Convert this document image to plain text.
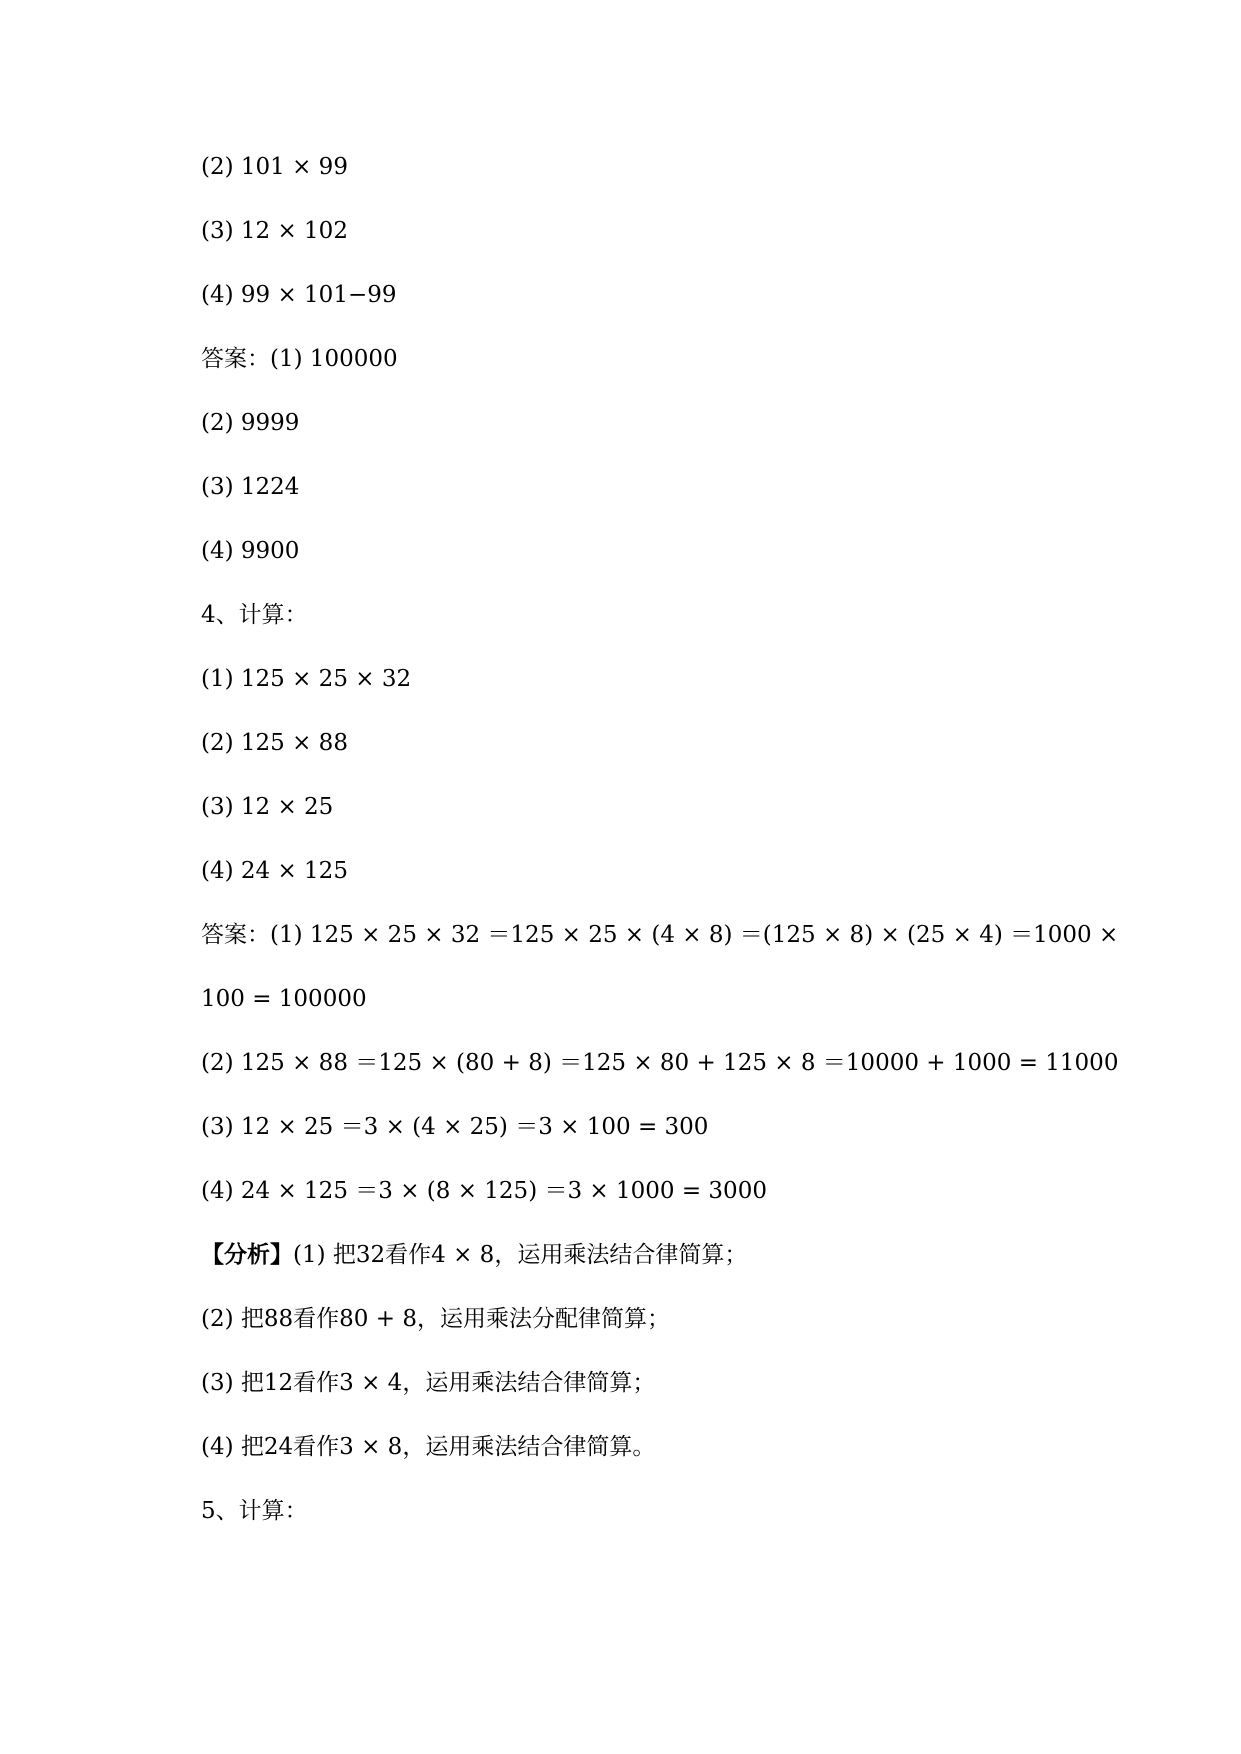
(2) 101 × 99
(3) 12 × 102
(4) 99 × 101−99
答案：(1) 100000
(2) 9999
(3) 1224
(4) 9900
4、计算：
(1) 125 × 25 × 32
(2) 125 × 88
(3) 12 × 25
(4) 24 × 125
答案：(1) 125 × 25 × 32 ＝125 × 25 × (4 × 8) ＝(125 × 8) × (25 × 4) ＝1000 ×
100 = 100000
(2) 125 × 88 ＝125 × (80 + 8) ＝125 × 80 + 125 × 8 ＝10000 + 1000 = 11000
(3) 12 × 25 ＝3 × (4 × 25) ＝3 × 100 = 300
(4) 24 × 125 ＝3 × (8 × 125) ＝3 × 1000 = 3000
【分析】(1) 把32看作4 × 8，运用乘法结合律简算；
(2) 把88看作80 + 8，运用乘法分配律简算；
(3) 把12看作3 × 4，运用乘法结合律简算；
(4) 把24看作3 × 8，运用乘法结合律简算。
5、计算：
